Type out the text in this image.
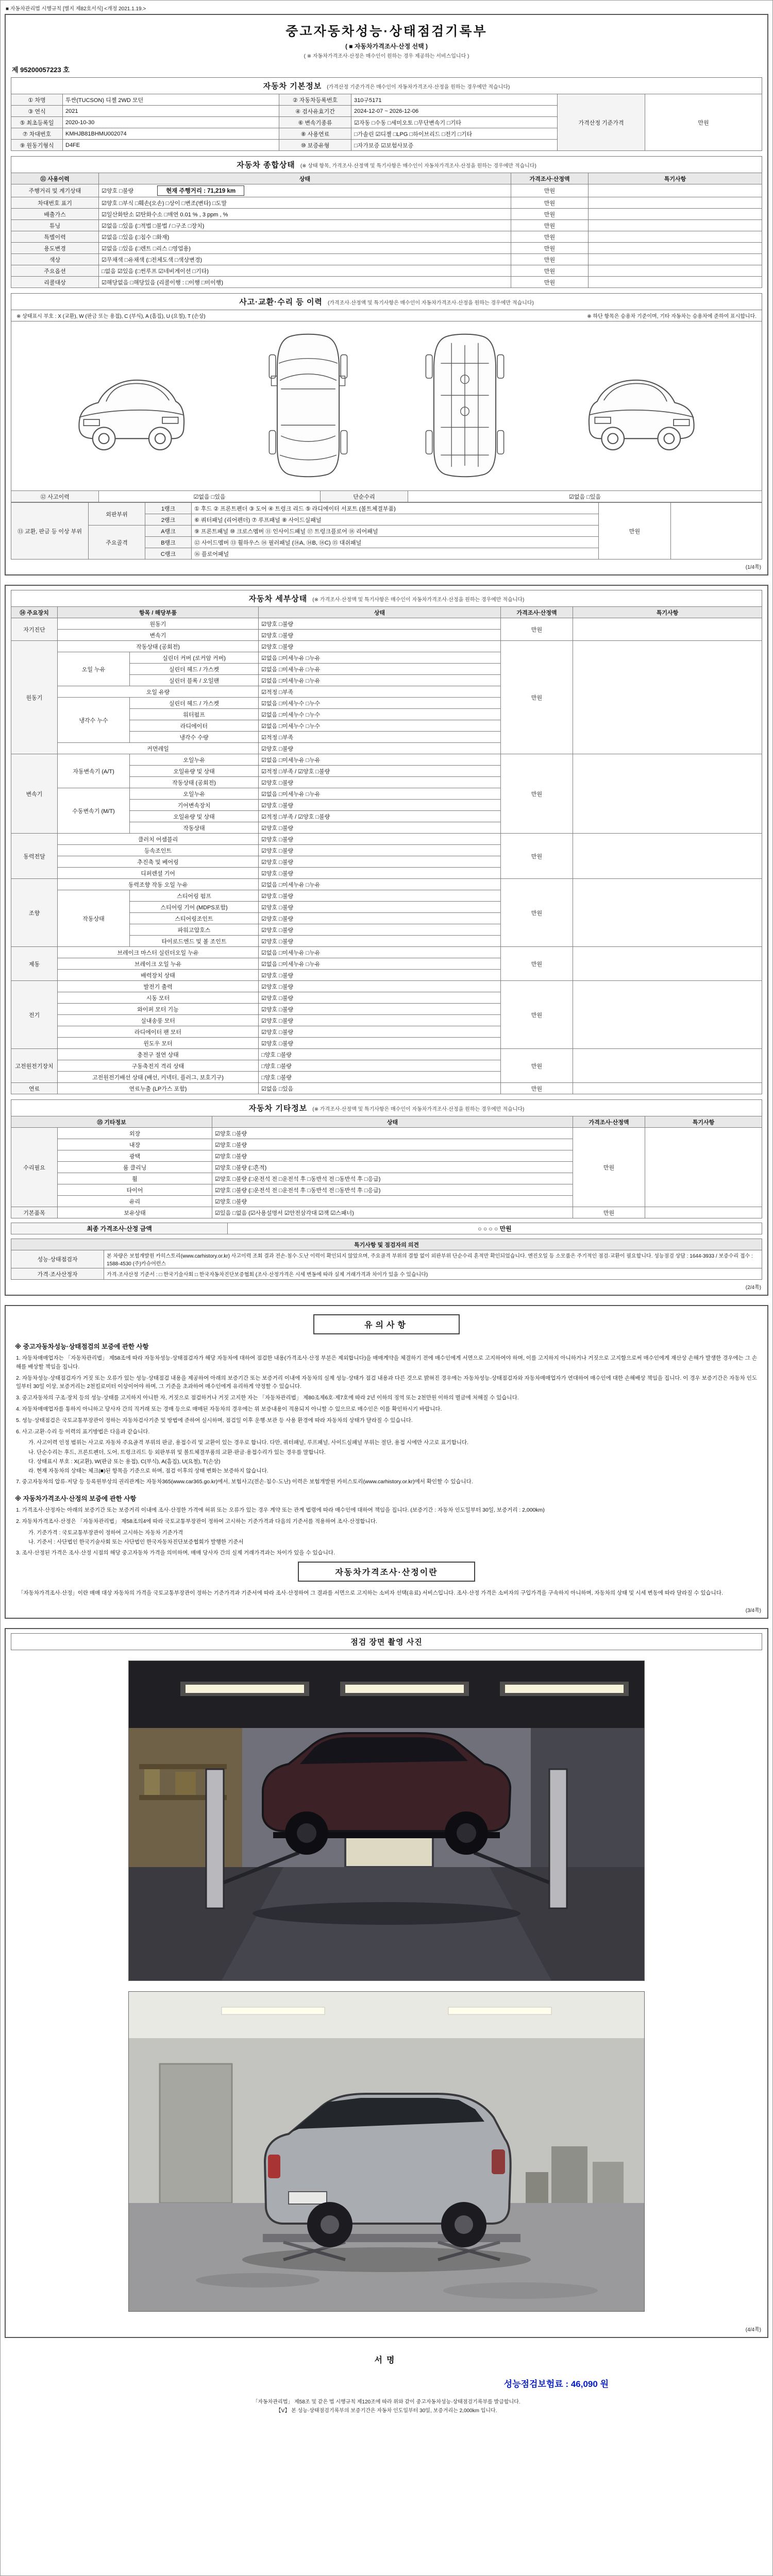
■ 자동차관리법 시행규칙 [별지 제82호서식] <개정 2021.1.19.>
중고자동차성능·상태점검기록부
( ■ 자동차가격조사·산정 선택 )
( ※ 자동차가격조사·산정은 매수인이 원하는 경우 제공하는 서비스입니다 )
제 95200057223 호
자동차 기본정보 (가격산정 기준가격은 매수인이 자동차가격조사·산정을 원하는 경우에만 적습니다)
① 차명	투싼(TUCSON) 디젤 2WD 모던	② 자동차등록번호	310구5171	가격산정 기준가격	만원
③ 연식	2021	④ 검사유효기간	2024-12-07 ~ 2026-12-06		
⑤ 최초등록일	2020-10-30	⑥ 변속기종류	☑자동 □수동 □세미오토 □무단변속기 □기타		
⑦ 차대번호	KMHJB81BHMU002074	⑧ 사용연료	□가솔린 ☑디젤 □LPG □하이브리드 □전기 □기타		
⑨ 원동기형식	D4FE	⑩ 보증유형	□자가보증 ☑보험사보증		
자동차 종합상태 (※ 상태 항목, 가격조사·산정액 및 특기사항은 매수인이 자동차가격조사·산정을 원하는 경우에만 적습니다)
⑪ 사용이력	상태	가격조사·산정액	특기사항
주행거리 및 계기상태	☑양호 □불량 현재 주행거리 : 71,219 km	만원	
차대번호 표기	☑양호 □부식 □훼손(오손) □상이 □변조(변타) □도말	만원	
배출가스	☑일산화탄소 ☑탄화수소 □매연 0.01 % , 3 ppm , %	만원	
튜닝	☑없음 □있음 (□적법 □불법 / □구조 □장치)	만원	
특별이력	☑없음 □있음 (□침수 □화재)	만원	
용도변경	☑없음 □있음 (□렌트 □리스 □영업용)	만원	
색상	☑무채색 □유채색 (□전체도색 □색상변경)	만원	
주요옵션	□없음 ☑있음 (□썬루프 ☑네비게이션 □기타)	만원	
리콜대상	☑해당없음 □해당있음 (리콜이행 : □이행 □미이행)	만원	
사고·교환·수리 등 이력 (가격조사·산정액 및 특기사항은 매수인이 자동차가격조사·산정을 원하는 경우에만 적습니다)
※ 상태표시 부호 : X (교환), W (판금 또는 용접), C (부식), A (흠집), U (요철), T (손상)	※ 하단 항목은 승용차 기준이며, 기타 자동차는 승용차에 준하여 표시합니다.
⑫ 사고이력	☑없음 □있음	단순수리	☑없음 □있음
⑬ 교환, 판금 등 이상 부위	외판부위	1랭크	① 후드 ② 프론트펜더 ③ 도어 ④ 트렁크 리드 ⑤ 라디에이터 서포트 (볼트체결부품)	만원	
		2랭크	⑥ 쿼터패널 (리어펜더) ⑦ 루프패널 ⑧ 사이드실패널		
	주요골격	A랭크	⑨ 프론트패널 ⑩ 크로스멤버 ⑪ 인사이드패널 ⑰ 트렁크플로어 ⑱ 리어패널		
		B랭크	⑫ 사이드멤버 ⑬ 휠하우스 ⑭ 필러패널 (⑭A, ⑭B, ⑭C) ⑮ 대쉬패널		
		C랭크	⑯ 플로어패널		
(1/4쪽)
자동차 세부상태 (※ 가격조사·산정액 및 특기사항은 매수인이 자동차가격조사·산정을 원하는 경우에만 적습니다)
⑭ 주요장치	항목 / 해당부품		상태	가격조사·산정액	특기사항
자기진단	원동기		☑양호 □불량	만원	
	변속기		☑양호 □불량		
원동기	작동상태 (공회전)		☑양호 □불량	만원	
	오일 누유	실린더 커버 (로커암 커버)	☑없음 □미세누유 □누유		
		실린더 헤드 / 가스켓	☑없음 □미세누유 □누유		
		실린더 블록 / 오일팬	☑없음 □미세누유 □누유		
	오일 유량		☑적정 □부족		
	냉각수 누수	실린더 헤드 / 가스켓	☑없음 □미세누수 □누수		
		워터펌프	☑없음 □미세누수 □누수		
		라디에이터	☑없음 □미세누수 □누수		
		냉각수 수량	☑적정 □부족		
	커먼레일		☑양호 □불량		
변속기	자동변속기 (A/T)	오일누유	☑없음 □미세누유 □누유	만원	
		오일유량 및 상태	☑적정 □부족 / ☑양호 □불량		
		작동상태 (공회전)	☑양호 □불량		
	수동변속기 (M/T)	오일누유	☑없음 □미세누유 □누유		
		기어변속장치	☑양호 □불량		
		오일유량 및 상태	☑적정 □부족 / ☑양호 □불량		
		작동상태	☑양호 □불량		
동력전달	클러치 어셈블리		☑양호 □불량	만원	
	등속조인트		☑양호 □불량		
	추진축 및 베어링		☑양호 □불량		
	디퍼렌셜 기어		☑양호 □불량		
조향	동력조향 작동 오일 누유		☑없음 □미세누유 □누유	만원	
	작동상태	스티어링 펌프	☑양호 □불량		
		스티어링 기어 (MDPS포함)	☑양호 □불량		
		스티어링조인트	☑양호 □불량		
		파워고압호스	☑양호 □불량		
		타이로드엔드 및 볼 조인트	☑양호 □불량		
제동	브레이크 마스터 실린더오일 누유		☑없음 □미세누유 □누유	만원	
	브레이크 오일 누유		☑없음 □미세누유 □누유		
	배력장치 상태		☑양호 □불량		
전기	발전기 출력		☑양호 □불량	만원	
	시동 모터		☑양호 □불량		
	와이퍼 모터 기능		☑양호 □불량		
	실내송풍 모터		☑양호 □불량		
	라디에이터 팬 모터		☑양호 □불량		
	윈도우 모터		☑양호 □불량		
고전원전기장치	충전구 절연 상태		□양호 □불량	만원	
	구동축전지 격리 상태		□양호 □불량		
	고전원전기배선 상태 (배선, 커넥터, 플러그, 보호기구)		□양호 □불량		
연료	연료누출 (LP가스 포함)		☑없음 □있음	만원	
자동차 기타정보 (※ 가격조사·산정액 및 특기사항은 매수인이 자동차가격조사·산정을 원하는 경우에만 적습니다)
⑮ 기타정보		상태	가격조사·산정액	특기사항
수리필요	외장	☑양호 □불량	만원	
	내장	☑양호 □불량		
	광택	☑양호 □불량		
	룸 클리닝	☑양호 □불량 (□흔적)		
	휠	☑양호 □불량 (□운전석 전 □운전석 후 □동반석 전 □동반석 후 □응급)		
	타이어	☑양호 □불량 (□운전석 전 □운전석 후 □동반석 전 □동반석 후 □응급)		
	유리	☑양호 □불량		
기본품목	보유상태	☑있음 □없음 (☑사용설명서 ☑안전삼각대 ☑잭 ☑스패너)	만원	
최종 가격조사·산정 금액	○ ○ ○ ○ 만원
특기사항 및 점검자의 의견	
성능·상태점검자	본 차량은 보험개발원 카히스토리(www.carhistory.or.kr) 사고이력 조회 결과 전손·침수·도난 이력이 확인되지 않았으며, 주요골격 부위의 결함 없이 외판부위 단순수리 흔적만 확인되었습니다. 엔진오일 등 소모품은 주기적인 점검·교환이 필요합니다. 성능점검 상담 : 1644-3933 / 보증수리 접수 : 1588-4530 (주)카슈어런스
가격·조사산정자	가격·조사산정 기준서 : □ 한국기술사회 □ 한국자동차진단보증협회 (조사·산정가격은 시세 변동에 따라 실제 거래가격과 차이가 있을 수 있습니다)
(2/4쪽)
유의사항
※ 중고자동차성능·상태점검의 보증에 관한 사항
1. 자동차매매업자는 「자동차관리법」 제58조에 따라 자동차성능·상태점검자가 해당 자동차에 대하여 점검한 내용(가격조사·산정 부분은 제외합니다)을 매매계약을 체결하기 전에 매수인에게 서면으로 고지하여야 하며, 이를 고지하지 아니하거나 거짓으로 고지함으로써 매수인에게 재산상 손해가 발생한 경우에는 그 손해를 배상할 책임을 집니다.
2. 자동차성능·상태점검자가 거짓 또는 오류가 있는 성능·상태점검 내용을 제공하여 아래의 보증기간 또는 보증거리 이내에 자동차의 실제 성능·상태가 점검 내용과 다른 것으로 밝혀진 경우에는 자동차성능·상태점검자와 자동차매매업자가 연대하여 매수인에 대한 손해배상 책임을 집니다. 이 경우 보증기간은 자동차 인도일부터 30일 이상, 보증거리는 2천킬로미터 이상이어야 하며, 그 기준을 초과하여 매수인에게 유리하게 약정할 수 있습니다.
3. 중고자동차의 구조·장치 등의 성능·상태를 고지하지 아니한 자, 거짓으로 점검하거나 거짓 고지한 자는 「자동차관리법」 제80조제6호·제7호에 따라 2년 이하의 징역 또는 2천만원 이하의 벌금에 처해질 수 있습니다.
4. 자동차매매업자를 통하지 아니하고 당사자 간의 직거래 또는 경매 등으로 매매된 자동차의 경우에는 위 보증내용이 적용되지 아니할 수 있으므로 매수인은 이를 확인하시기 바랍니다.
5. 성능·상태점검은 국토교통부장관이 정하는 자동차검사기준 및 방법에 준하여 실시하며, 점검일 이후 운행·보관 등 사용 환경에 따라 자동차의 상태가 달라질 수 있습니다.
6. 사고·교환·수리 등 이력의 표기방법은 다음과 같습니다.
가. 사고이력 인정 범위는 사고로 자동차 주요골격 부위의 판금, 용접수리 및 교환이 있는 경우로 합니다. 다만, 쿼터패널, 루프패널, 사이드실패널 부위는 절단, 용접 시에만 사고로 표기합니다.
나. 단순수리는 후드, 프론트펜더, 도어, 트렁크리드 등 외판부위 및 볼트체결부품의 교환·판금·용접수리가 있는 경우를 말합니다.
다. 상태표시 부호 : X(교환), W(판금 또는 용접), C(부식), A(흠집), U(요철), T(손상)
라. 현재 자동차의 상태는 체크(■)된 항목을 기준으로 하며, 점검 이후의 상태 변화는 보증하지 않습니다.
7. 중고자동차의 압류·저당 등 등록원부상의 권리관계는 자동차365(www.car365.go.kr)에서, 보험사고(전손·침수·도난) 이력은 보험개발원 카히스토리(www.carhistory.or.kr)에서 확인할 수 있습니다.
※ 자동차가격조사·산정의 보증에 관한 사항
1. 가격조사·산정자는 아래의 보증기간 또는 보증거리 이내에 조사·산정한 가격에 허위 또는 오류가 있는 경우 계약 또는 관계 법령에 따라 매수인에 대하여 책임을 집니다. (보증기간 : 자동차 인도일부터 30일, 보증거리 : 2,000km)
2. 자동차가격조사·산정은 「자동차관리법」 제58조의4에 따라 국토교통부장관이 정하여 고시하는 기준가격과 다음의 기준서를 적용하여 조사·산정합니다.
가. 기준가격 : 국토교통부장관이 정하여 고시하는 자동차 기준가격
나. 기준서 : 사단법인 한국기술사회 또는 사단법인 한국자동차진단보증협회가 발행한 기준서
3. 조사·산정된 가격은 조사·산정 시점의 해당 중고자동차 가격을 의미하며, 매매 당사자 간의 실제 거래가격과는 차이가 있을 수 있습니다.
자동차가격조사·산정이란
「자동차가격조사·산정」이란 매매 대상 자동차의 가격을 국토교통부장관이 정하는 기준가격과 기준서에 따라 조사·산정하여 그 결과를 서면으로 고지하는 소비자 선택(유료) 서비스입니다. 조사·산정 가격은 소비자의 구입가격을 구속하지 아니하며, 자동차의 상태 및 시세 변동에 따라 달라질 수 있습니다.
(3/4쪽)
점검 장면 촬영 사진
(4/4쪽)
서명
성능점검보험료 : 46,090 원
「자동차관리법」 제58조 및 같은 법 시행규칙 제120조에 따라 위와 같이 중고자동차성능·상태점검기록부를 발급합니다.
【Ⅴ】 본 성능·상태점검기록부의 보증기간은 자동차 인도일부터 30일, 보증거리는 2,000km 입니다.
